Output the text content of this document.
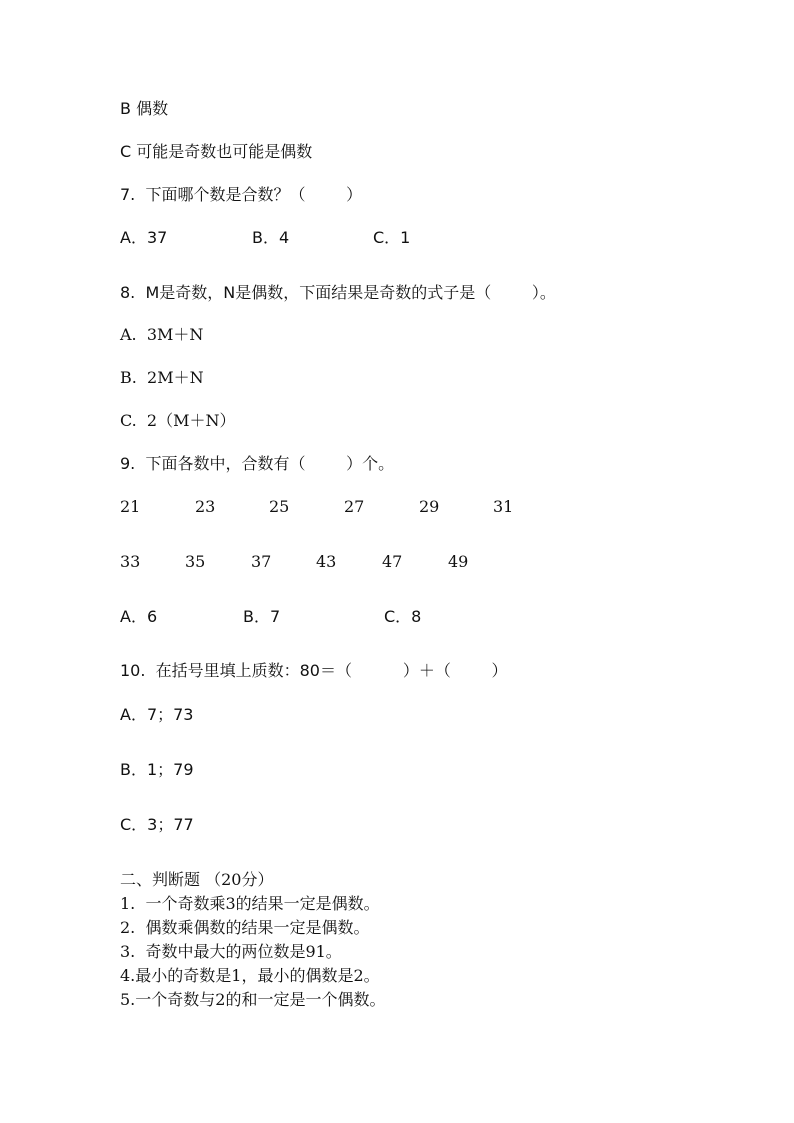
B 偶数
C 可能是奇数也可能是偶数
7.  下面哪个数是合数？（        ）
A．37	B．4	C．1
8.  M是奇数，N是偶数，下面结果是奇数的式子是（        ）。
A.  3M＋N
B.  2M＋N
C.  2（M＋N）
9.  下面各数中，合数有（        ）个。
21	23	25	27	29	31
33	35	37	43	47	49
A．6	B．7	C．8
10.  在括号里填上质数：80＝（          ）＋（        ）
A．7；73
B．1；79
C．3；77
二、判断题 （20分）
1.  一个奇数乘3的结果一定是偶数。
2.  偶数乘偶数的结果一定是偶数。
3.  奇数中最大的两位数是91。
4.最小的奇数是1，最小的偶数是2。
5.一个奇数与2的和一定是一个偶数。
